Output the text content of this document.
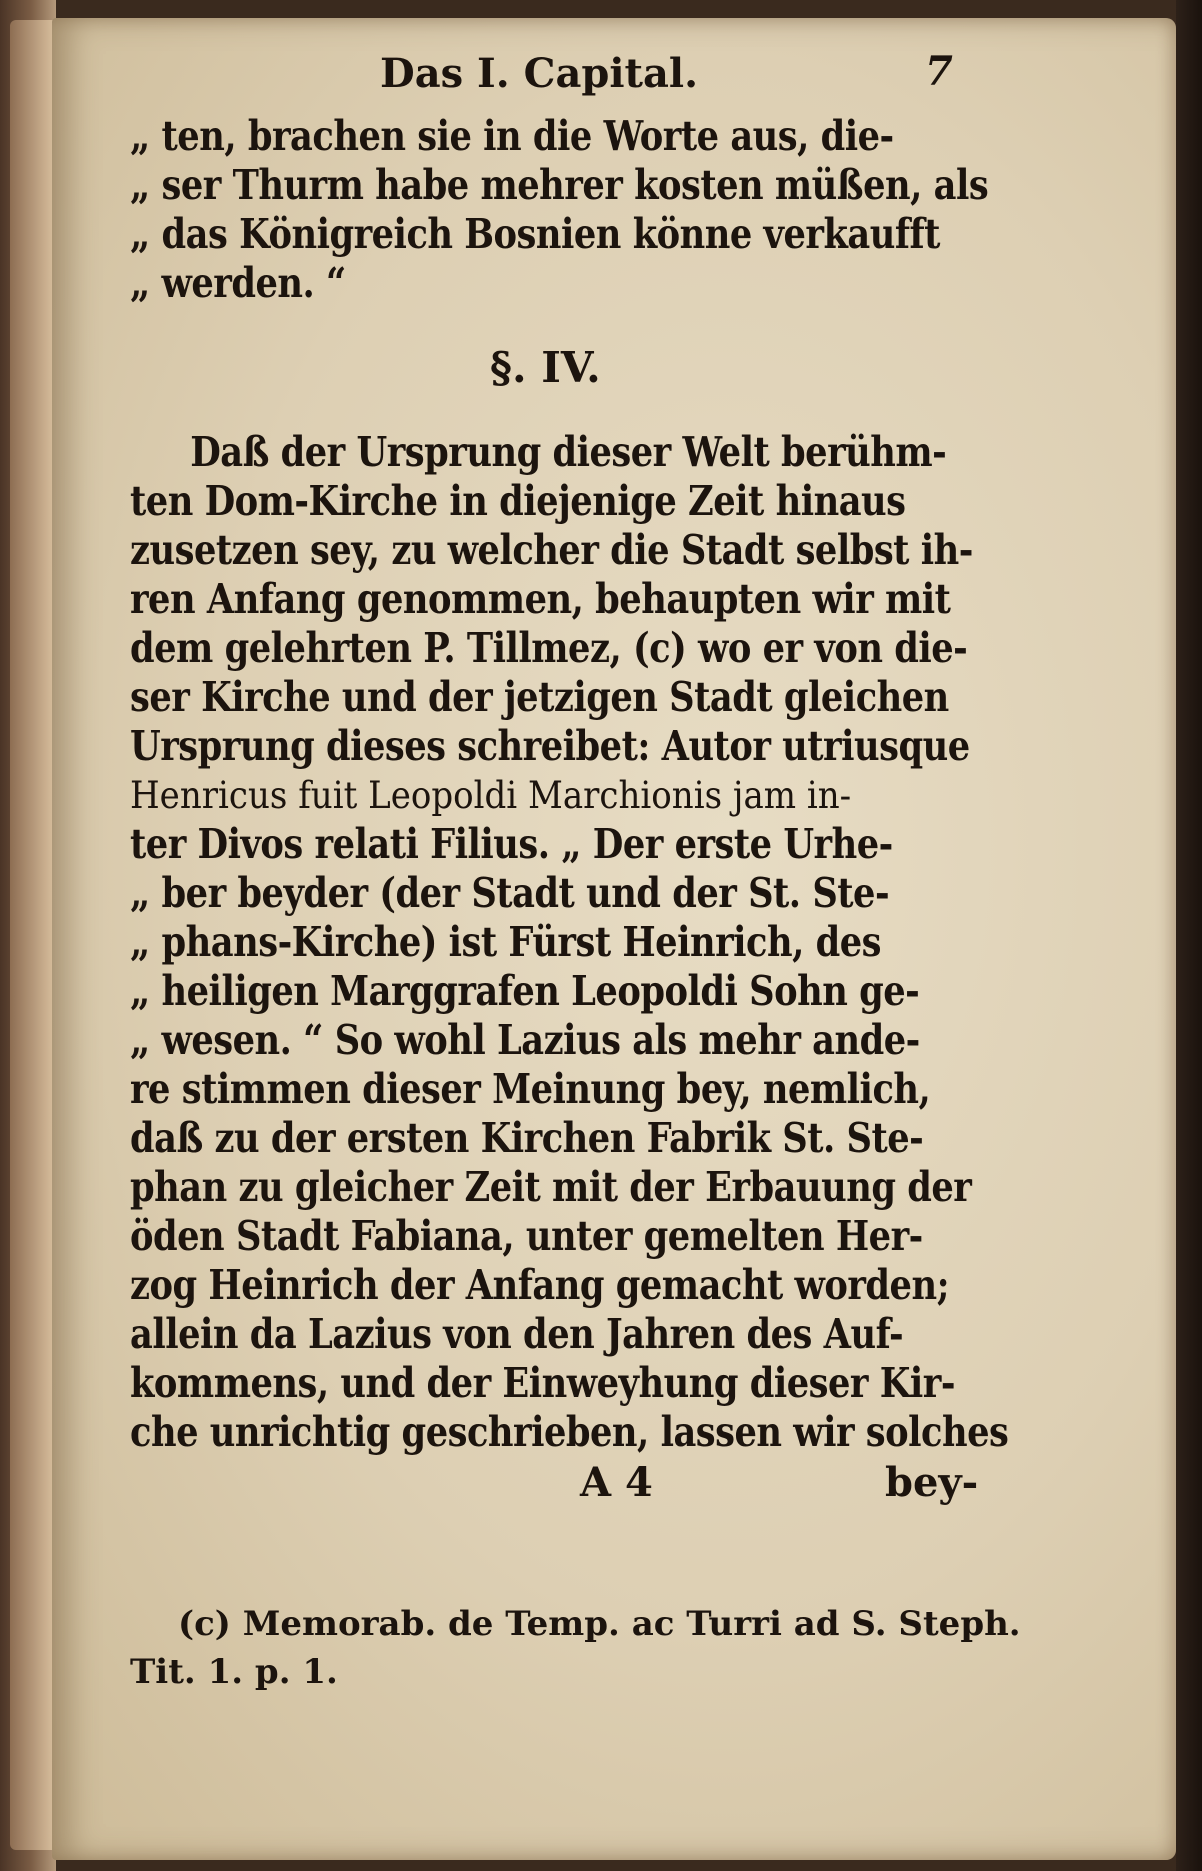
Das I. Capital.	7
„ ten, brachen sie in die Worte aus, die-
„ ser Thurm habe mehrer kosten müßen, als
„ das Königreich Bosnien könne verkaufft
„ werden. “
§. IV.
Daß der Ursprung dieser Welt berühm-
ten Dom-Kirche in diejenige Zeit hinaus
zusetzen sey, zu welcher die Stadt selbst ih-
ren Anfang genommen, behaupten wir mit
dem gelehrten P. Tillmez, (c) wo er von die-
ser Kirche und der jetzigen Stadt gleichen
Ursprung dieses schreibet: Autor utriusque
Henricus fuit Leopoldi Marchionis jam in-
ter Divos relati Filius. „ Der erste Urhe-
„ ber beyder (der Stadt und der St. Ste-
„ phans-Kirche) ist Fürst Heinrich, des
„ heiligen Marggrafen Leopoldi Sohn ge-
„ wesen. “ So wohl Lazius als mehr ande-
re stimmen dieser Meinung bey, nemlich,
daß zu der ersten Kirchen Fabrik St. Ste-
phan zu gleicher Zeit mit der Erbauung der
öden Stadt Fabiana, unter gemelten Her-
zog Heinrich der Anfang gemacht worden;
allein da Lazius von den Jahren des Auf-
kommens, und der Einweyhung dieser Kir-
che unrichtig geschrieben, lassen wir solches
A 4	bey-
(c) Memorab. de Temp. ac Turri ad S. Steph.
Tit. 1. p. 1.
